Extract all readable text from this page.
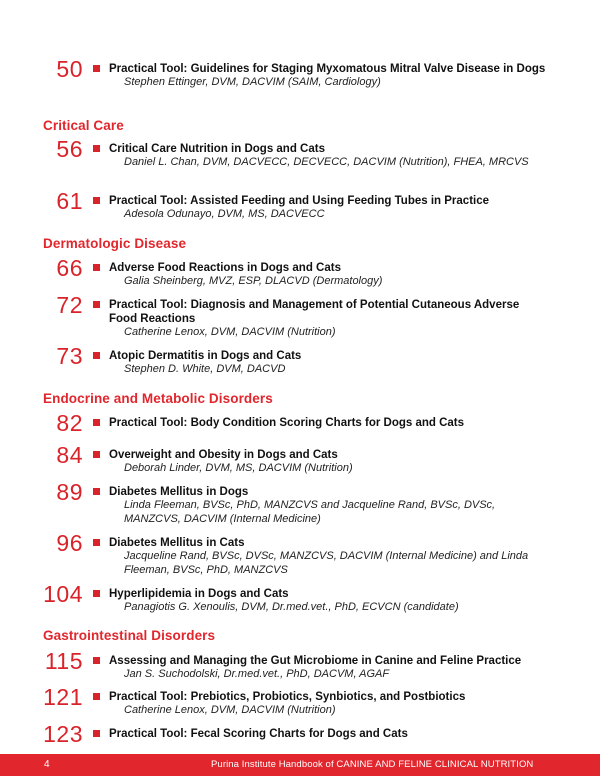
50 Practical Tool: Guidelines for Staging Myxomatous Mitral Valve Disease in Dogs
Stephen Ettinger, DVM, DACVIM (SAIM, Cardiology)
Critical Care
56 Critical Care Nutrition in Dogs and Cats
Daniel L. Chan, DVM, DACVECC, DECVECC, DACVIM (Nutrition), FHEA, MRCVS
61 Practical Tool: Assisted Feeding and Using Feeding Tubes in Practice
Adesola Odunayo, DVM, MS, DACVECC
Dermatologic Disease
66 Adverse Food Reactions in Dogs and Cats
Galia Sheinberg, MVZ, ESP, DLACVD (Dermatology)
72 Practical Tool: Diagnosis and Management of Potential Cutaneous Adverse Food Reactions
Catherine Lenox, DVM, DACVIM (Nutrition)
73 Atopic Dermatitis in Dogs and Cats
Stephen D. White, DVM, DACVD
Endocrine and Metabolic Disorders
82 Practical Tool: Body Condition Scoring Charts for Dogs and Cats
84 Overweight and Obesity in Dogs and Cats
Deborah Linder, DVM, MS, DACVIM (Nutrition)
89 Diabetes Mellitus in Dogs
Linda Fleeman, BVSc, PhD, MANZCVS and Jacqueline Rand, BVSc, DVSc, MANZCVS, DACVIM (Internal Medicine)
96 Diabetes Mellitus in Cats
Jacqueline Rand, BVSc, DVSc, MANZCVS, DACVIM (Internal Medicine) and Linda Fleeman, BVSc, PhD, MANZCVS
104 Hyperlipidemia in Dogs and Cats
Panagiotis G. Xenoulis, DVM, Dr.med.vet., PhD, ECVCN (candidate)
Gastrointestinal Disorders
115 Assessing and Managing the Gut Microbiome in Canine and Feline Practice
Jan S. Suchodolski, Dr.med.vet., PhD, DACVM, AGAF
121 Practical Tool: Prebiotics, Probiotics, Synbiotics, and Postbiotics
Catherine Lenox, DVM, DACVIM (Nutrition)
123 Practical Tool: Fecal Scoring Charts for Dogs and Cats
4	Purina Institute Handbook of CANINE AND FELINE CLINICAL NUTRITION
